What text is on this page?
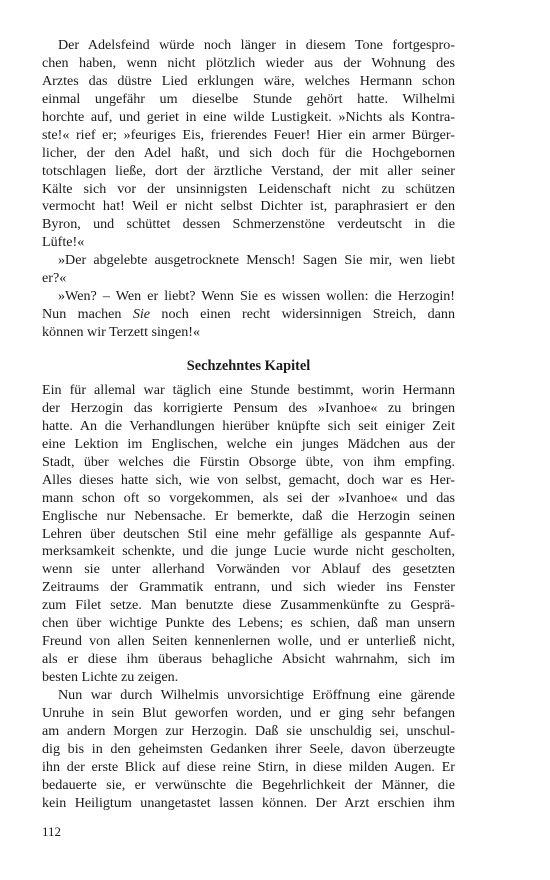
Der Adelsfeind würde noch länger in diesem Tone fortgespro-
chen haben, wenn nicht plötzlich wieder aus der Wohnung des
Arztes das düstre Lied erklungen wäre, welches Hermann schon
einmal ungefähr um dieselbe Stunde gehört hatte. Wilhelmi
horchte auf, und geriet in eine wilde Lustigkeit. »Nichts als Kontra-
ste!« rief er; »feuriges Eis, frierendes Feuer! Hier ein armer Bürger-
licher, der den Adel haßt, und sich doch für die Hochgebornen
totschlagen ließe, dort der ärztliche Verstand, der mit aller seiner
Kälte sich vor der unsinnigsten Leidenschaft nicht zu schützen
vermocht hat! Weil er nicht selbst Dichter ist, paraphrasiert er den
Byron, und schüttet dessen Schmerzenstöne verdeutscht in die
Lüfte!«
»Der abgelebte ausgetrocknete Mensch! Sagen Sie mir, wen liebt
er?«
»Wen? – Wen er liebt? Wenn Sie es wissen wollen: die Herzogin!
Nun machen Sie noch einen recht widersinnigen Streich, dann
können wir Terzett singen!«
Sechzehntes Kapitel
Ein für allemal war täglich eine Stunde bestimmt, worin Hermann
der Herzogin das korrigierte Pensum des »Ivanhoe« zu bringen
hatte. An die Verhandlungen hierüber knüpfte sich seit einiger Zeit
eine Lektion im Englischen, welche ein junges Mädchen aus der
Stadt, über welches die Fürstin Obsorge übte, von ihm empfing.
Alles dieses hatte sich, wie von selbst, gemacht, doch war es Her-
mann schon oft so vorgekommen, als sei der »Ivanhoe« und das
Englische nur Nebensache. Er bemerkte, daß die Herzogin seinen
Lehren über deutschen Stil eine mehr gefällige als gespannte Auf-
merksamkeit schenkte, und die junge Lucie wurde nicht gescholten,
wenn sie unter allerhand Vorwänden vor Ablauf des gesetzten
Zeitraums der Grammatik entrann, und sich wieder ins Fenster
zum Filet setze. Man benutzte diese Zusammenkünfte zu Gesprä-
chen über wichtige Punkte des Lebens; es schien, daß man unsern
Freund von allen Seiten kennenlernen wolle, und er unterließ nicht,
als er diese ihm überaus behagliche Absicht wahrnahm, sich im
besten Lichte zu zeigen.
Nun war durch Wilhelmis unvorsichtige Eröffnung eine gärende
Unruhe in sein Blut geworfen worden, und er ging sehr befangen
am andern Morgen zur Herzogin. Daß sie unschuldig sei, unschul-
dig bis in den geheimsten Gedanken ihrer Seele, davon überzeugte
ihn der erste Blick auf diese reine Stirn, in diese milden Augen. Er
bedauerte sie, er verwünschte die Begehrlichkeit der Männer, die
kein Heiligtum unangetastet lassen können. Der Arzt erschien ihm
112
